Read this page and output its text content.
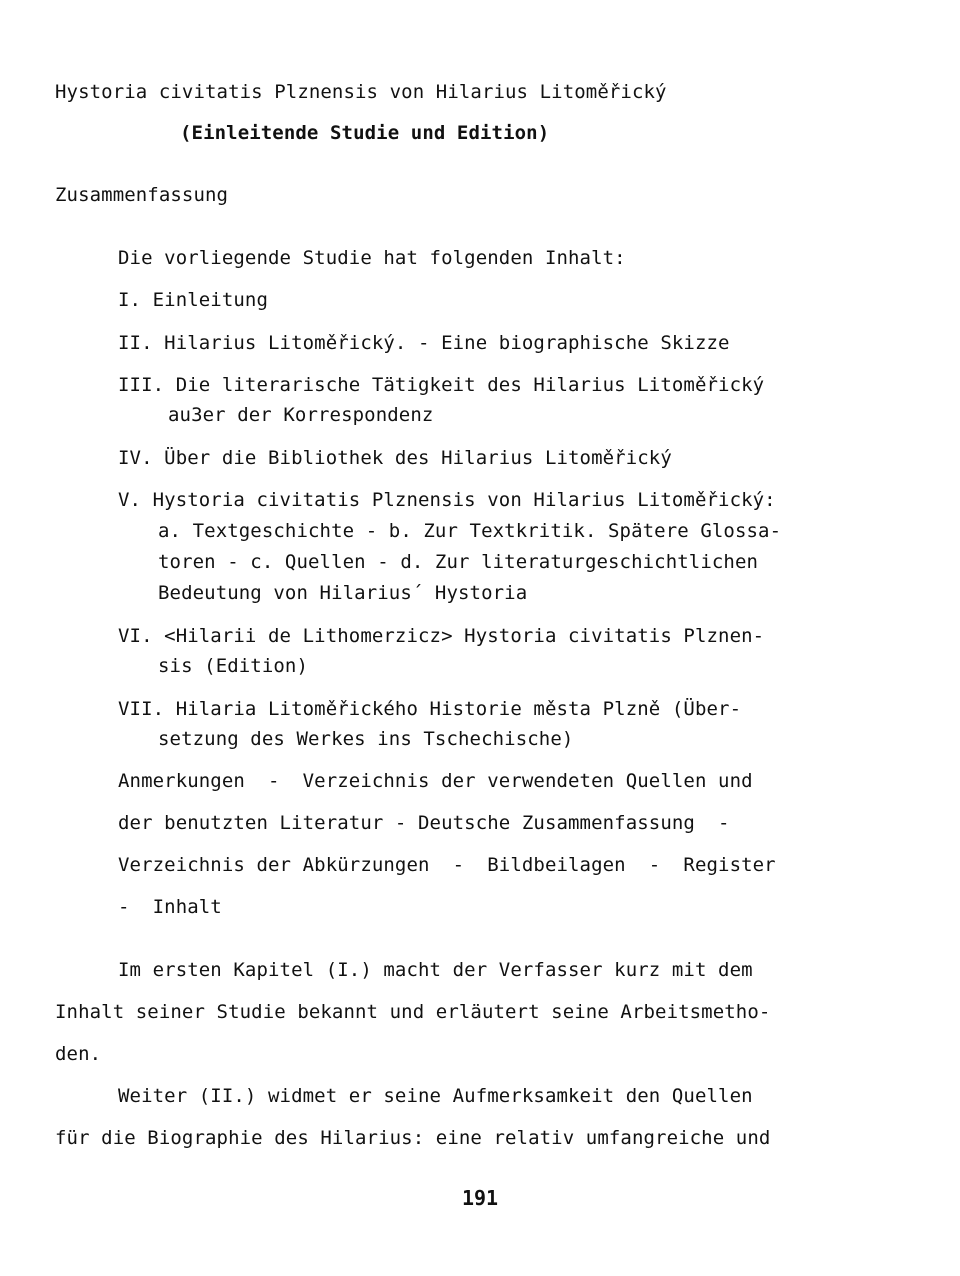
Hystoria civitatis Plznensis von Hilarius Litoměřický
(Einleitende Studie und Edition)
Zusammenfassung
Die vorliegende Studie hat folgenden Inhalt:
I. Einleitung
II. Hilarius Litoměřický. - Eine biographische Skizze
III. Die literarische Tätigkeit des Hilarius Litoměřický
au3er der Korrespondenz
IV. Über die Bibliothek des Hilarius Litoměřický
V. Hystoria civitatis Plznensis von Hilarius Litoměřický:
a. Textgeschichte - b. Zur Textkritik. Spätere Glossa-
toren - c. Quellen - d. Zur literaturgeschichtlichen
Bedeutung von Hilarius´ Hystoria
VI. <Hilarii de Lithomerzicz> Hystoria civitatis Plznen-
sis (Edition)
VII. Hilaria Litoměřického Historie města Plzně (Über-
setzung des Werkes ins Tschechische)
Anmerkungen  -  Verzeichnis der verwendeten Quellen und
der benutzten Literatur - Deutsche Zusammenfassung  -
Verzeichnis der Abkürzungen  -  Bildbeilagen  -  Register
-  Inhalt
Im ersten Kapitel (I.) macht der Verfasser kurz mit dem
Inhalt seiner Studie bekannt und erläutert seine Arbeitsmetho-
den.
Weiter (II.) widmet er seine Aufmerksamkeit den Quellen
für die Biographie des Hilarius: eine relativ umfangreiche und
191
